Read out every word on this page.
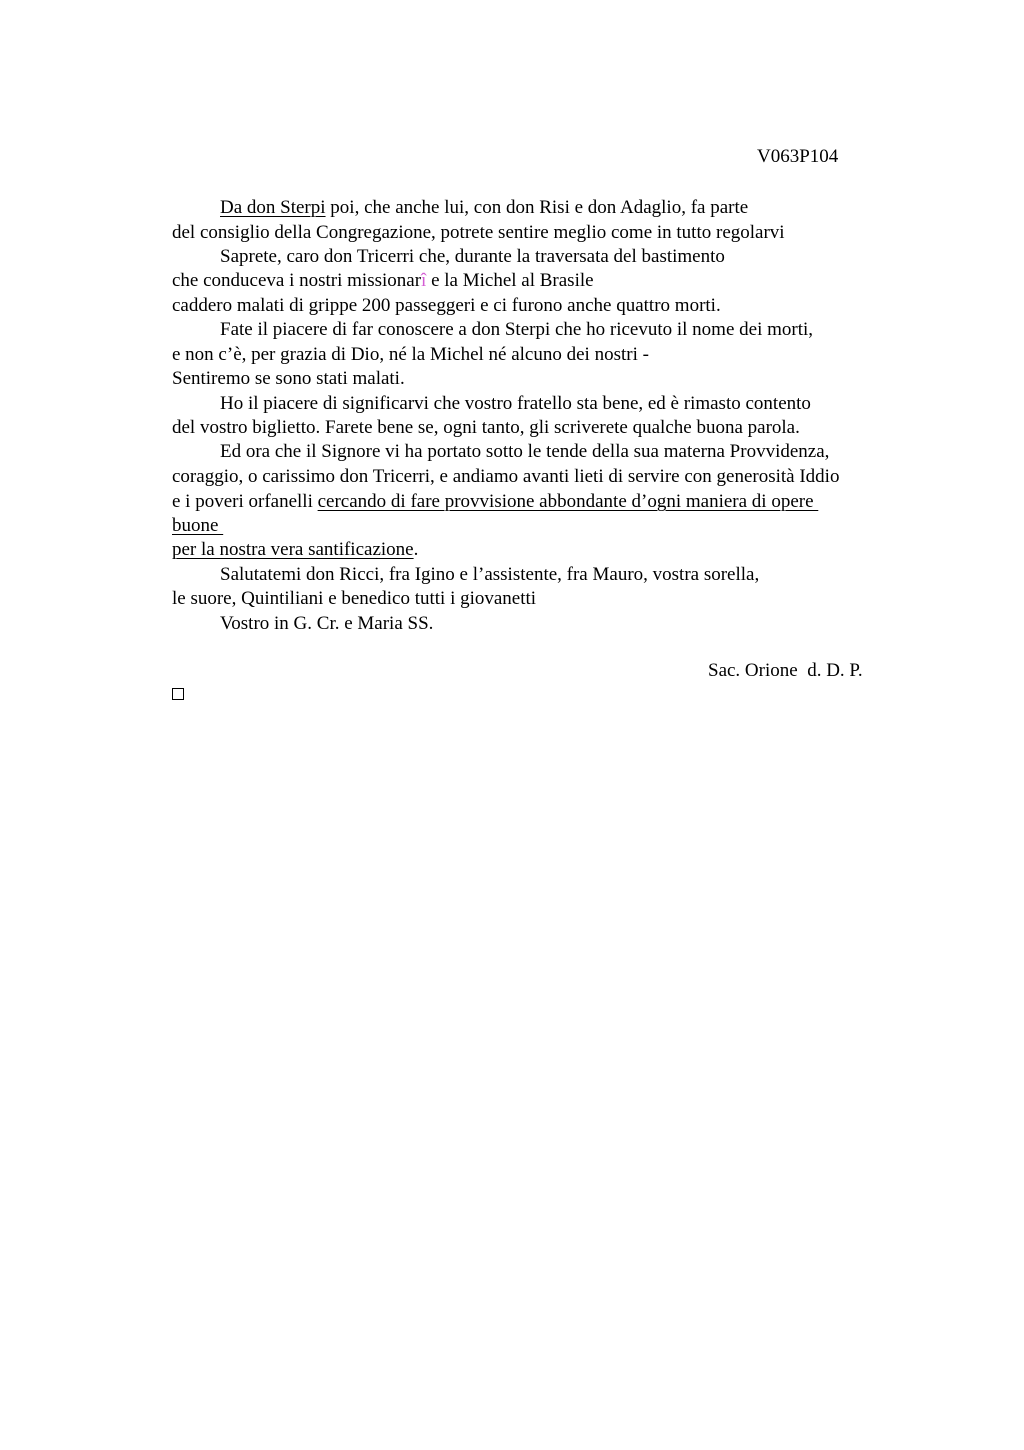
V063P104
Da don Sterpi poi, che anche lui, con don Risi e don Adaglio, fa parte
del consiglio della Congregazione, potrete sentire meglio come in tutto regolarvi
Saprete, caro don Tricerri che, durante la traversata del bastimento
che conduceva i nostri missionarî e la Michel al Brasile
caddero malati di grippe 200 passeggeri e ci furono anche quattro morti.
Fate il piacere di far conoscere a don Sterpi che ho ricevuto il nome dei morti,
e non c’è, per grazia di Dio, né la Michel né alcuno dei nostri -
Sentiremo se sono stati malati.
Ho il piacere di significarvi che vostro fratello sta bene, ed è rimasto contento
del vostro biglietto. Farete bene se, ogni tanto, gli scriverete qualche buona parola.
Ed ora che il Signore vi ha portato sotto le tende della sua materna Provvidenza,
coraggio, o carissimo don Tricerri, e andiamo avanti lieti di servire con generosità Iddio
e i poveri orfanelli cercando di fare provvisione abbondante d’ogni maniera di opere
buone
per la nostra vera santificazione.
Salutatemi don Ricci, fra Igino e l’assistente, fra Mauro, vostra sorella,
le suore, Quintiliani e benedico tutti i giovanetti
Vostro in G. Cr. e Maria SS.
Sac. Orione  d. D. P.
